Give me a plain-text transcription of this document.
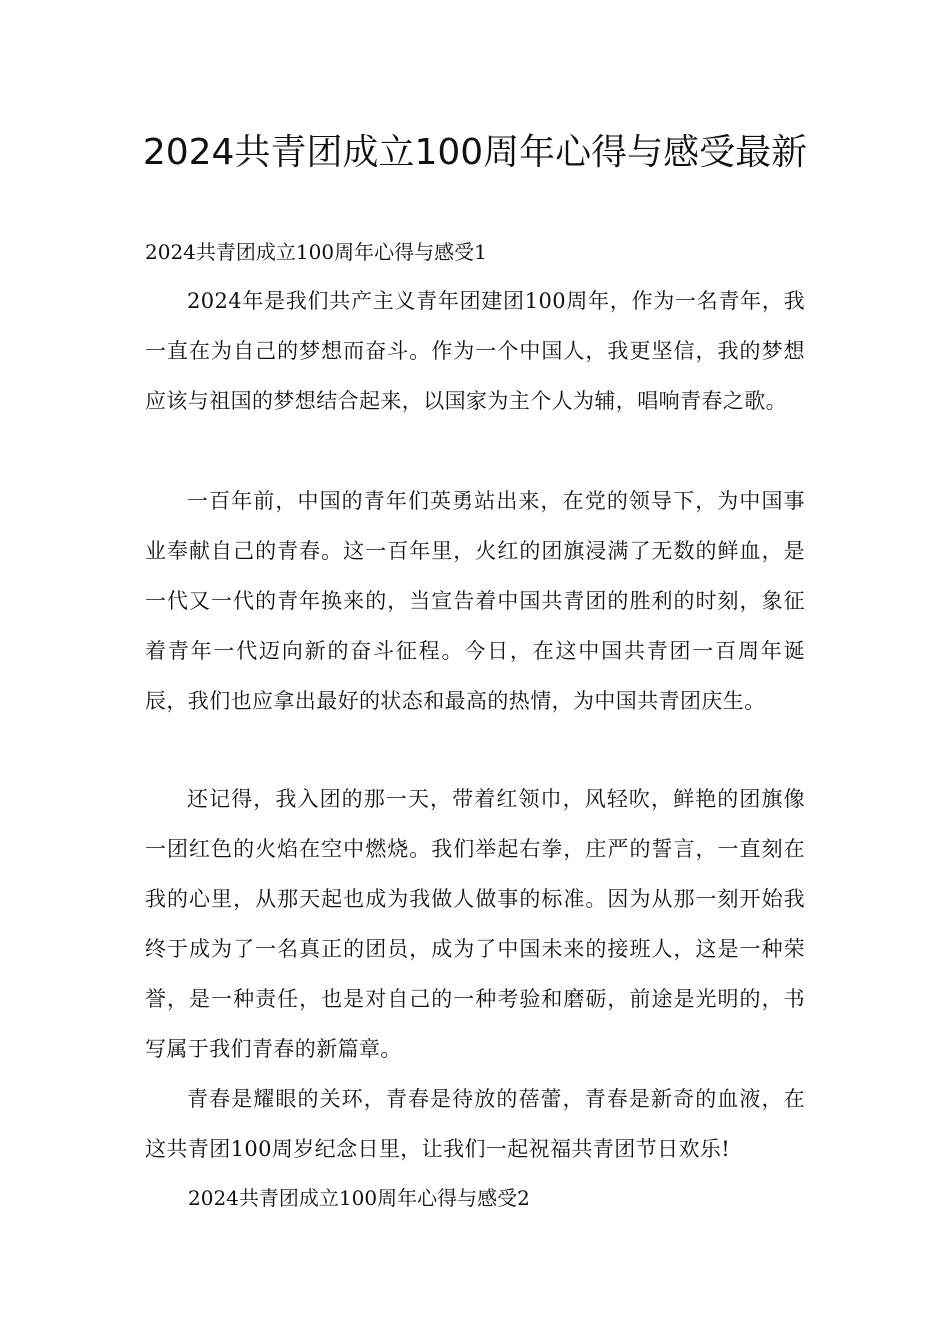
2024共青团成立100周年心得与感受最新
2024共青团成立100周年心得与感受1

2024年是我们共产主义青年团建团100周年，作为一名青年，我一直在为自己的梦想而奋斗。作为一个中国人，我更坚信，我的梦想应该与祖国的梦想结合起来，以国家为主个人为辅，唱响青春之歌。

一百年前，中国的青年们英勇站出来，在党的领导下，为中国事业奉献自己的青春。这一百年里，火红的团旗浸满了无数的鲜血，是一代又一代的青年换来的，当宣告着中国共青团的胜利的时刻，象征着青年一代迈向新的奋斗征程。今日，在这中国共青团一百周年诞辰，我们也应拿出最好的状态和最高的热情，为中国共青团庆生。

还记得，我入团的那一天，带着红领巾，风轻吹，鲜艳的团旗像一团红色的火焰在空中燃烧。我们举起右拳，庄严的誓言，一直刻在我的心里，从那天起也成为我做人做事的标准。因为从那一刻开始我终于成为了一名真正的团员，成为了中国未来的接班人，这是一种荣誉，是一种责任，也是对自己的一种考验和磨砺，前途是光明的，书写属于我们青春的新篇章。

青春是耀眼的关环，青春是待放的蓓蕾，青春是新奇的血液，在这共青团100周岁纪念日里，让我们一起祝福共青团节日欢乐!

2024共青团成立100周年心得与感受2
